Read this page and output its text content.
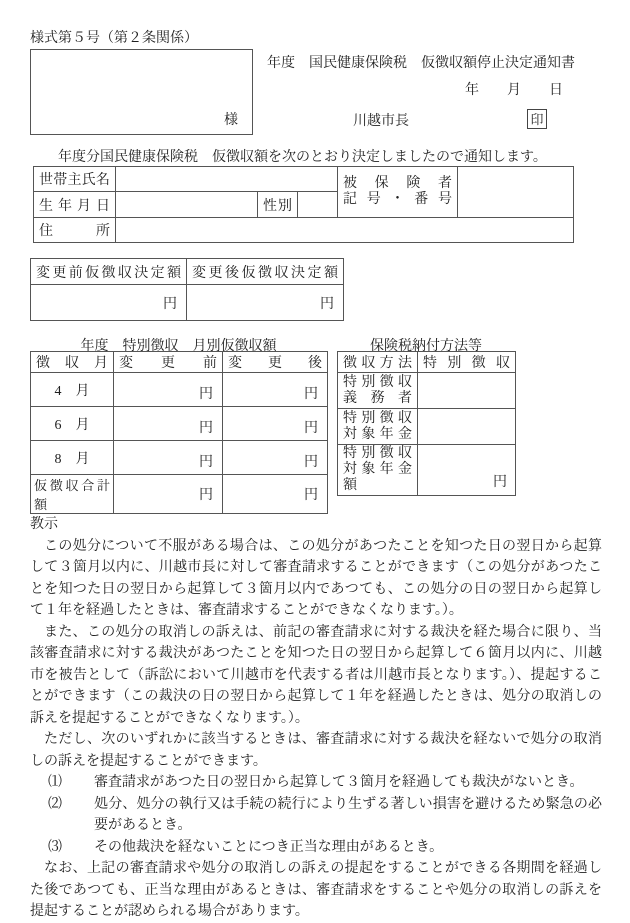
様式第５号（第２条関係）
様
年度　国民健康保険税　仮徴収額停止決定通知書
年　　月　　日
川越市長	印
年度分国民健康保険税　仮徴収額を次のとおり決定しましたので通知します。
世帯主氏名				被保険者
記号・番号	

生年月日		性別			
住所					
変更前仮徴収決定額	変更後仮徴収決定額
円	円
年度　特別徴収　月別仮徴収額	保険税納付方法等
徴収月	変更前	変更後
4　月	円	円
6　月	円	円
8　月	円	円
仮徴収合計額	円	円
徴収方法	特別徴収

特別徴収
義務者	

特別徴収
対象年金	

特別徴収
対象年金額	円
教示

この処分について不服がある場合は、この処分があつたことを知つた日の翌日から起算して３箇月以内に、川越市長に対して審査請求することができます（この処分があつたことを知つた日の翌日から起算して３箇月以内であつても、この処分の日の翌日から起算して１年を経過したときは、審査請求することができなくなります。）。

また、この処分の取消しの訴えは、前記の審査請求に対する裁決を経た場合に限り、当該審査請求に対する裁決があつたことを知つた日の翌日から起算して６箇月以内に、川越市を被告として（訴訟において川越市を代表する者は川越市長となります。）、提起することができます（この裁決の日の翌日から起算して１年を経過したときは、処分の取消しの訴えを提起することができなくなります。）。

ただし、次のいずれかに該当するときは、審査請求に対する裁決を経ないで処分の取消しの訴えを提起することができます。

⑴ 審査請求があつた日の翌日から起算して３箇月を経過しても裁決がないとき。
⑵ 処分、処分の執行又は手続の続行により生ずる著しい損害を避けるため緊急の必要があるとき。
⑶ その他裁決を経ないことにつき正当な理由があるとき。

なお、上記の審査請求や処分の取消しの訴えの提起をすることができる各期間を経過した後であつても、正当な理由があるときは、審査請求をすることや処分の取消しの訴えを提起することが認められる場合があります。
